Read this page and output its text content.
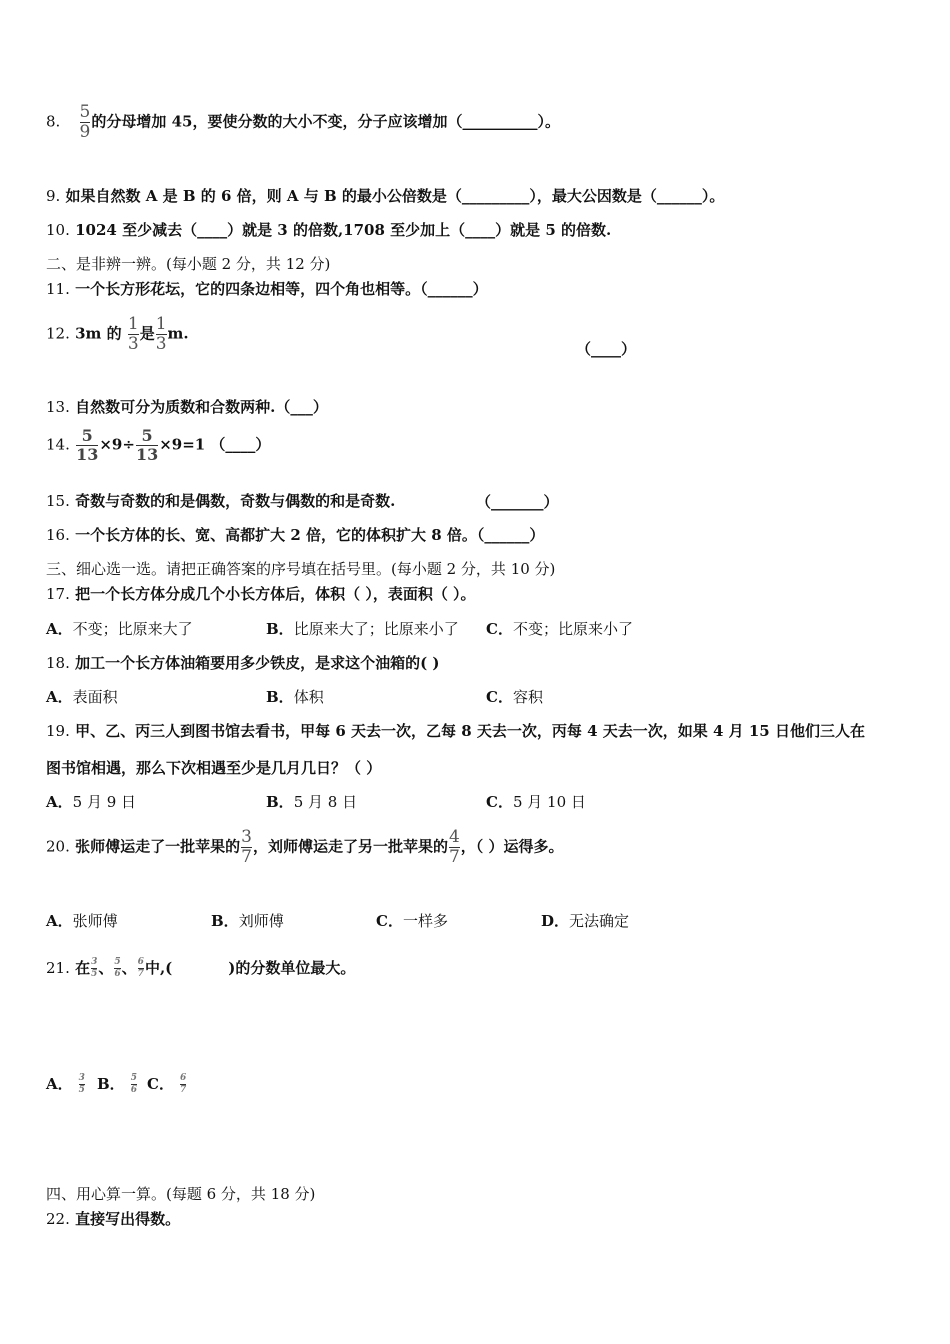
8. $\frac{5}{9}$ 的分母增加 45，要使分数的大小不变，分子应该增加（__________）。
9. 如果自然数 A 是 B 的 6 倍，则 A 与 B 的最小公倍数是（_________），最大公因数是（______）。
10. 1024 至少减去（____）就是 3 的倍数,1708 至少加上（____）就是 5 的倍数.
二、是非辨一辨。(每小题 2 分，共 12 分)
11. 一个长方形花坛，它的四条边相等，四个角也相等。（______）
12. 3m 的 $\frac{1}{3}$ 是 $\frac{1}{3} m$.
（____）
13. 自然数可分为质数和合数两种.（___）
14. $\frac{5}{13} \times 9\div \frac{5}{13} \times 9=1$ （____）
15. 奇数与奇数的和是偶数，奇数与偶数的和是奇数.	（_______）
16. 一个长方体的长、宽、高都扩大 2 倍，它的体积扩大 8 倍。（______）
三、细心选一选。请把正确答案的序号填在括号里。(每小题 2 分，共 10 分)
17. 把一个长方体分成几个小长方体后，体积（ ），表面积（ ）。
A．不变；比原来大了	B．比原来大了；比原来小了 C．不变；比原来小了
18. 加工一个长方体油箱要用多少铁皮，是求这个油箱的( )
A．表面积	B．体积	C．容积
19. 甲、乙、丙三人到图书馆去看书，甲每 6 天去一次，乙每 8 天去一次，丙每 4 天去一次，如果 4 月 15 日他们三人在
图书馆相遇，那么下次相遇至少是几月几日？（ ）
A．5 月 9 日	B．5 月 8 日	C．5 月 10 日
20. 张师傅运走了一批苹果的 $\frac{3}{7}$ ，刘师傅运走了另一批苹果的 $\frac{4}{7}$ ，（ ）运得多。
A．张师傅	B．刘师傅	C．一样多	D．无法确定
21. 在 $\frac{3}{5}$ 、 $\frac{5}{6}$ 、 $\frac{6}{7}$ 中,(	)的分数单位最大。
A． $\frac{3}{5}$ B． $\frac{5}{6}$ C． $\frac{6}{7}$
四、用心算一算。(每题 6 分，共 18 分)
22. 直接写出得数。
